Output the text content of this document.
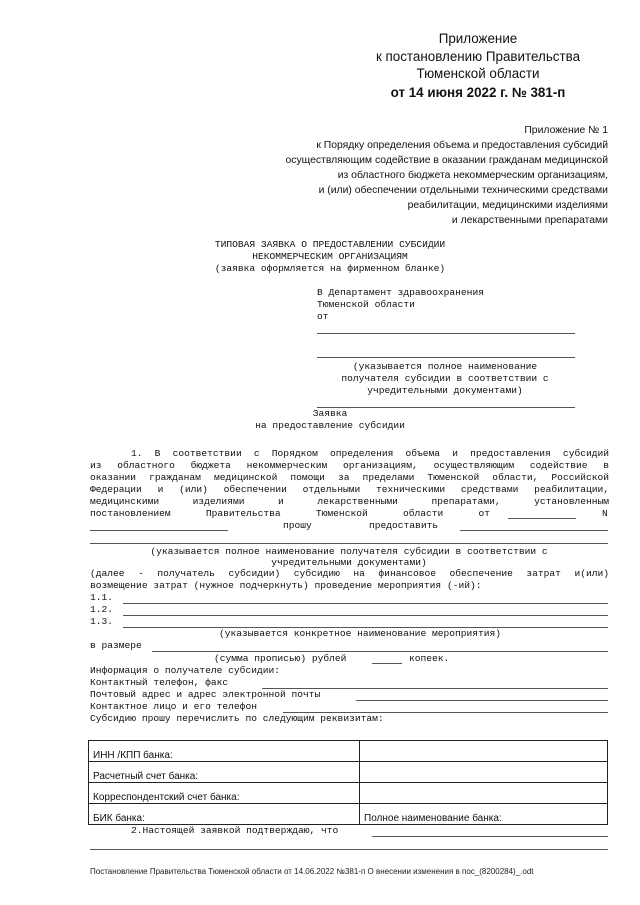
Приложение
к постановлению Правительства
Тюменской области
от 14 июня 2022 г. № 381-п
Приложение № 1
к Порядку определения объема и предоставления субсидий
осуществляющим содействие в оказании гражданам медицинской
из областного бюджета некоммерческим организациям,
и (или) обеспечении отдельными техническими средствами
реабилитации, медицинскими изделиями
и лекарственными препаратами
ТИПОВАЯ ЗАЯВКА О ПРЕДОСТАВЛЕНИИ СУБСИДИИ
НЕКОММЕРЧЕСКИМ ОРГАНИЗАЦИЯМ
(заявка оформляется на фирменном бланке)
В Департамент здравоохранения
Тюменской области
от
(указывается полное наименование
получателя субсидии в соответствии с
учредительными документами)
Заявка
на предоставление субсидии
1. В соответствии с Порядком определения объема и предоставления субсидий
из областного бюджета некоммерческим организациям, осуществляющим содействие в
оказании гражданам медицинской помощи за пределами Тюменской области, Российской
Федерации и (или) обеспечении отдельными техническими средствами реабилитации,
медицинскими изделиями и лекарственными препаратами, установленным
постановлением Правительства Тюменской области от	N
прошу	предоставить
(указывается полное наименование получателя субсидии в соответствии с
учредительными документами)
(далее - получатель субсидии) субсидию на финансовое обеспечение затрат и(или)
возмещение затрат (нужное подчеркнуть) проведение мероприятия (-ий):
1.1.
1.2.
1.3.
(указывается конкретное наименование мероприятия)
в размере
(сумма прописью) рублей	копеек.
Информация о получателе субсидии:
Контактный телефон, факс
Почтовый адрес и адрес электронной почты
Контактное лицо и его телефон
Субсидию прошу перечислить по следующим реквизитам:
ИНН /КПП банка:	
Расчетный счет банка:	
Корреспондентский счет банка:	
БИК банка:	Полное наименование банка:
2.Настоящей заявкой подтверждаю, что
Постановление Правительства Тюменской области от 14.06.2022 №381-п О внесении изменения в пос_(8200284)_.odt
